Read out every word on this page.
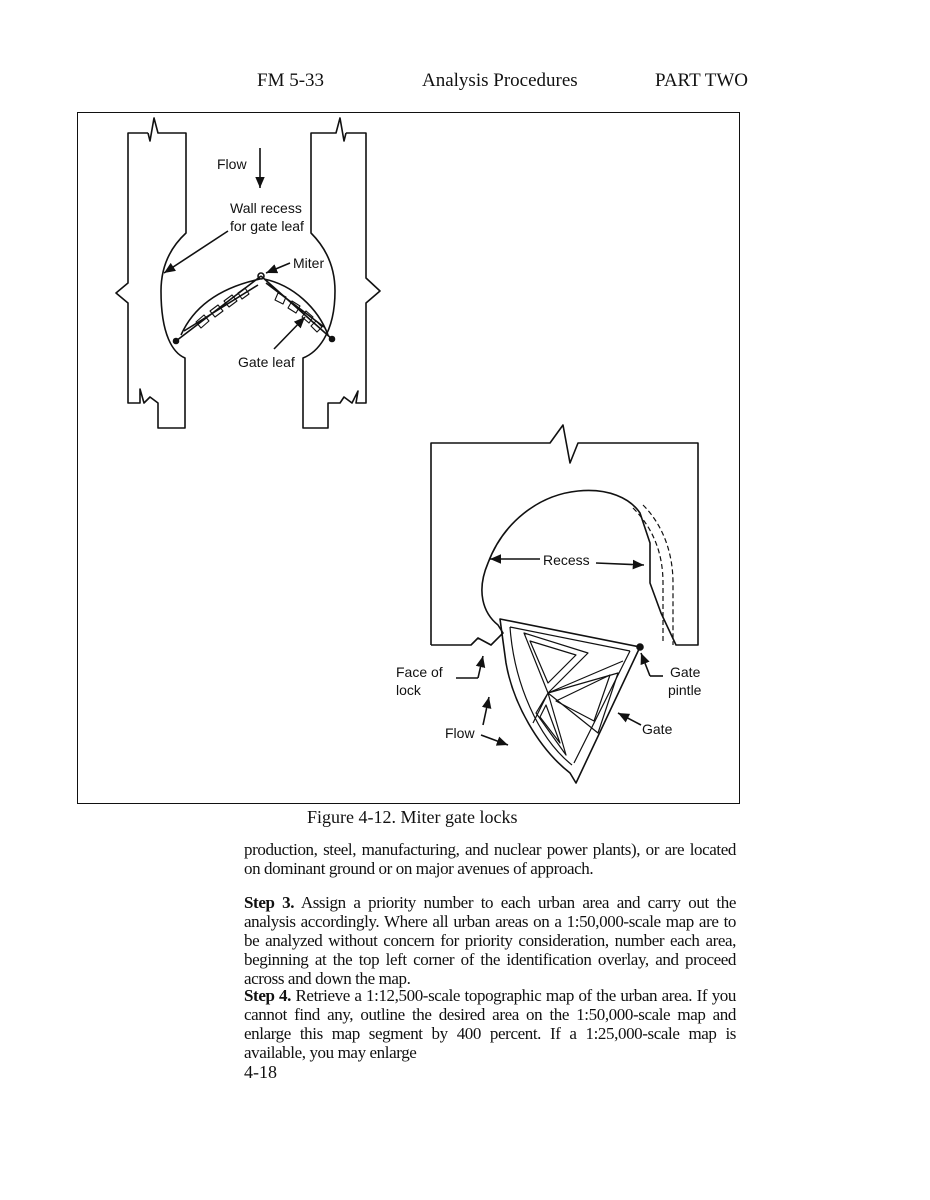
FM 5-33	Analysis Procedures	PART TWO
Flow
Wall recess
for gate leaf
Miter
Gate leaf
Recess
Face of
lock
Gate
pintle
Flow	Gate
Figure 4-12. Miter gate locks
production, steel, manufacturing, and nuclear power plants), or are located on dominant ground or on major avenues of approach.
Step 3. Assign a priority number to each urban area and carry out the analysis accordingly. Where all urban areas on a 1:50,000-scale map are to be analyzed without concern for priority consideration, number each area, beginning at the top left corner of the identification overlay, and proceed across and down the map.
Step 4. Retrieve a 1:12,500-scale topographic map of the urban area. If you cannot find any, outline the desired area on the 1:50,000-scale map and enlarge this map segment by 400 percent. If a 1:25,000-scale map is available, you may enlarge
4-18
